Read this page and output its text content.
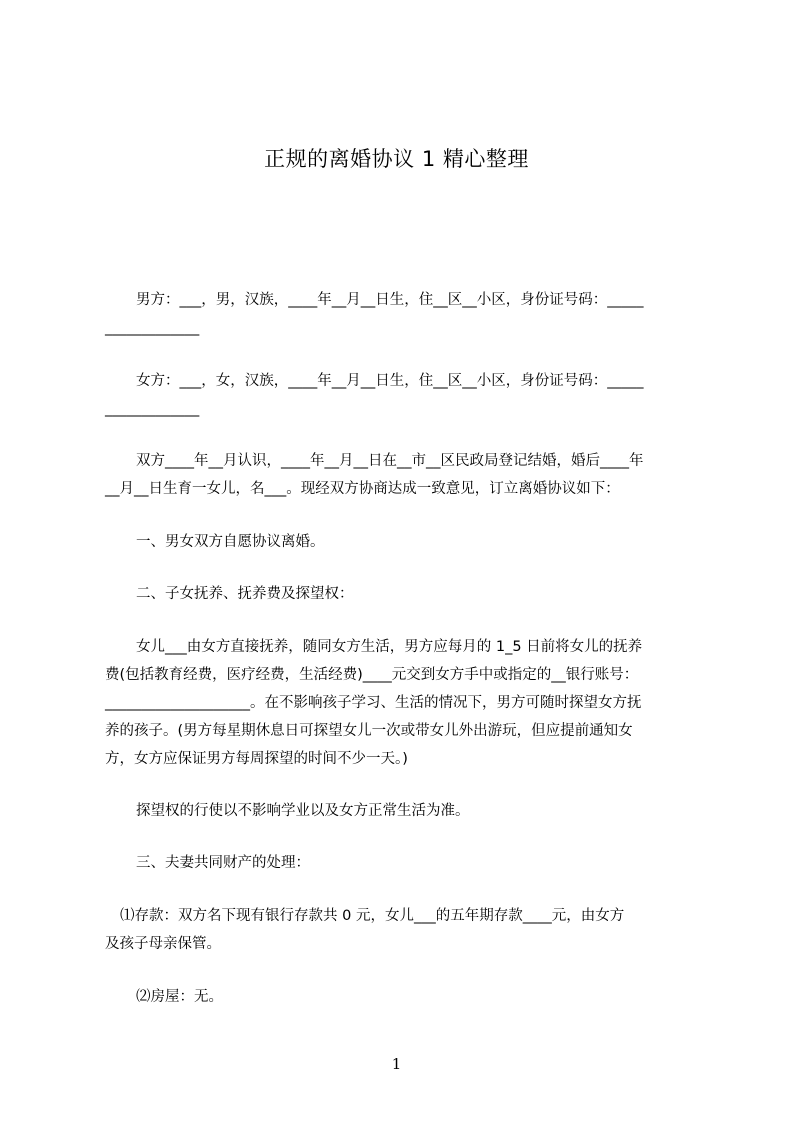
正规的离婚协议 1 精心整理
男方：___，男，汉族，____年__月__日生，住__区__小区，身份证号码：_____
_____________
女方：___，女，汉族，____年__月__日生，住__区__小区，身份证号码：_____
_____________
双方____年__月认识，____年__月__日在__市__区民政局登记结婚，婚后____年
__月__日生育一女儿，名___。现经双方协商达成一致意见，订立离婚协议如下：
一、男女双方自愿协议离婚。
二、子女抚养、抚养费及探望权：
女儿___由女方直接抚养，随同女方生活，男方应每月的 1_5 日前将女儿的抚养
费(包括教育经费，医疗经费，生活经费)____元交到女方手中或指定的__银行账号：
____________________。在不影响孩子学习、生活的情况下，男方可随时探望女方抚
养的孩子。(男方每星期休息日可探望女儿一次或带女儿外出游玩，但应提前通知女
方，女方应保证男方每周探望的时间不少一天。)
探望权的行使以不影响学业以及女方正常生活为准。
三、夫妻共同财产的处理：
⑴存款：双方名下现有银行存款共 0 元，女儿___的五年期存款____元，由女方
及孩子母亲保管。
⑵房屋：无。
1
